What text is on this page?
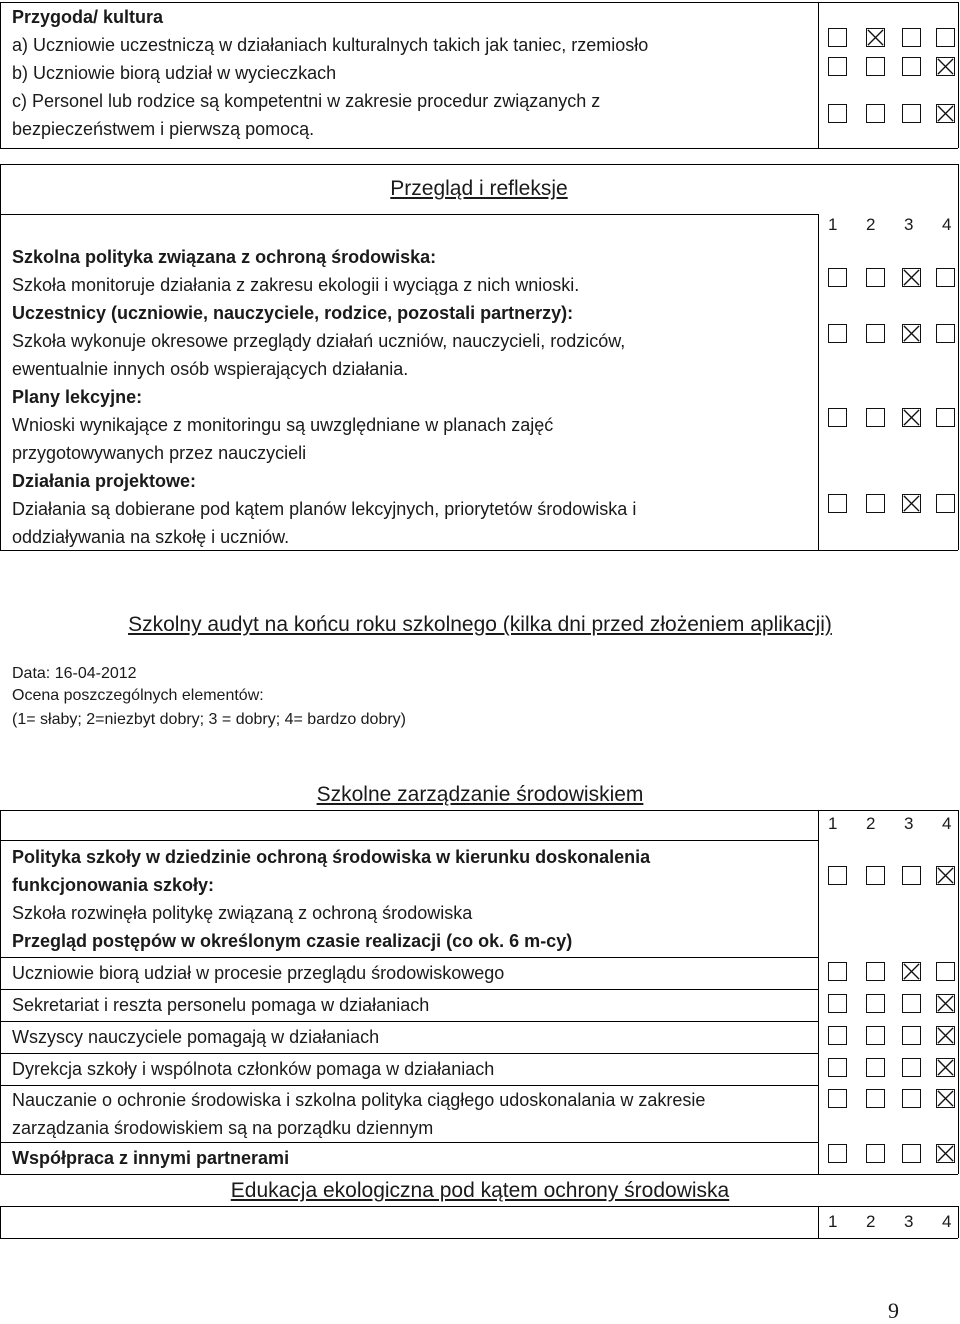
Przygoda/ kultura
a) Uczniowie uczestniczą w działaniach kulturalnych takich jak taniec, rzemiosło
b) Uczniowie biorą udział w wycieczkach
c) Personel lub rodzice są kompetentni w zakresie procedur związanych z
bezpieczeństwem i pierwszą pomocą.
Przegląd i refleksje
1 2 3 4
Szkolna polityka związana z ochroną środowiska:
Szkoła monitoruje działania z zakresu ekologii i wyciąga z nich wnioski.
Uczestnicy (uczniowie, nauczyciele, rodzice, pozostali partnerzy):
Szkoła wykonuje okresowe przeglądy działań uczniów, nauczycieli, rodziców,
ewentualnie innych osób wspierających działania.
Plany lekcyjne:
Wnioski wynikające z monitoringu są uwzględniane w planach zajęć
przygotowywanych przez nauczycieli
Działania projektowe:
Działania są dobierane pod kątem planów lekcyjnych, priorytetów środowiska i
oddziaływania na szkołę i uczniów.
Szkolny audyt na końcu roku szkolnego (kilka dni przed złożeniem aplikacji)
Data: 16-04-2012
Ocena poszczególnych elementów:
(1= słaby; 2=niezbyt dobry; 3 = dobry; 4= bardzo dobry)
Szkolne zarządzanie środowiskiem
1 2 3 4
Polityka szkoły w dziedzinie ochroną środowiska w kierunku doskonalenia
funkcjonowania szkoły:
Szkoła rozwinęła politykę związaną z ochroną środowiska
Przegląd postępów w określonym czasie realizacji (co ok. 6 m-cy)
Uczniowie biorą udział w procesie przeglądu środowiskowego
Sekretariat i reszta personelu pomaga w działaniach
Wszyscy nauczyciele pomagają w działaniach
Dyrekcja szkoły i wspólnota członków pomaga w działaniach
Nauczanie o ochronie środowiska i szkolna polityka ciągłego udoskonalania w zakresie
zarządzania środowiskiem są na porządku dziennym
Współpraca z innymi partnerami
Edukacja ekologiczna pod kątem ochrony środowiska
1 2 3 4
9
